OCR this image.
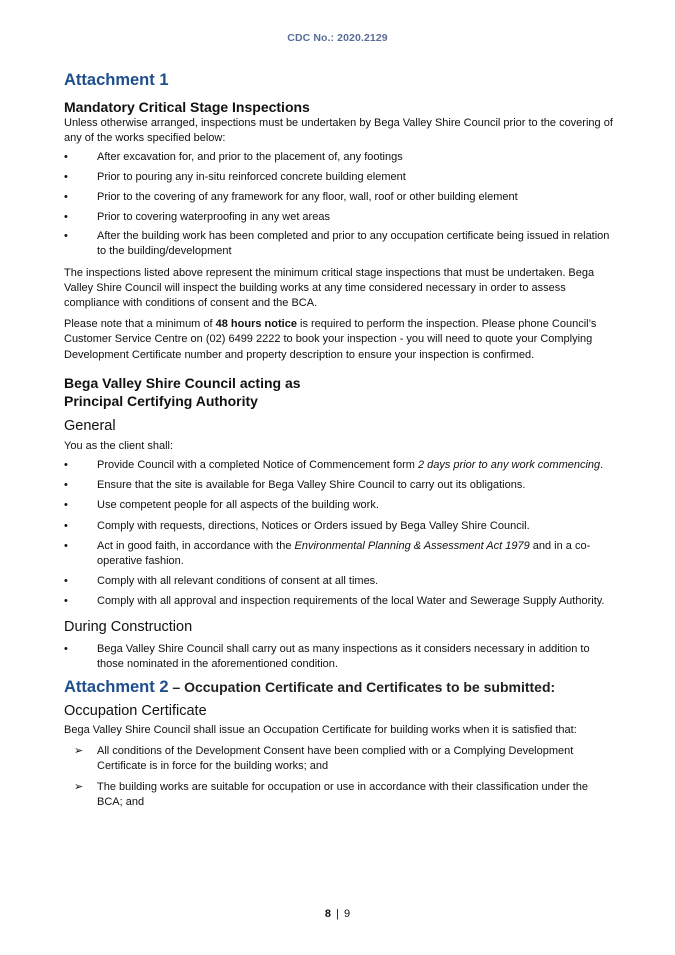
CDC No.: 2020.2129
Attachment 1
Mandatory Critical Stage Inspections

Unless otherwise arranged, inspections must be undertaken by Bega Valley Shire Council prior to the covering of any of the works specified below:

•	After excavation for, and prior to the placement of, any footings
•	Prior to pouring any in-situ reinforced concrete building element
•	Prior to the covering of any framework for any floor, wall, roof or other building element
•	Prior to covering waterproofing in any wet areas
•	After the building work has been completed and prior to any occupation certificate being issued in relation to the building/development

The inspections listed above represent the minimum critical stage inspections that must be undertaken. Bega Valley Shire Council will inspect the building works at any time considered necessary in order to assess compliance with conditions of consent and the BCA.

Please note that a minimum of 48 hours notice is required to perform the inspection. Please phone Council’s Customer Service Centre on (02) 6499 2222 to book your inspection - you will need to quote your Complying Development Certificate number and property description to ensure your inspection is confirmed.

Bega Valley Shire Council acting as
Principal Certifying Authority
General

You as the client shall:

•	Provide Council with a completed Notice of Commencement form 2 days prior to any work commencing.
•	Ensure that the site is available for Bega Valley Shire Council to carry out its obligations.
•	Use competent people for all aspects of the building work.
•	Comply with requests, directions, Notices or Orders issued by Bega Valley Shire Council.
•	Act in good faith, in accordance with the Environmental Planning & Assessment Act 1979 and in a co-operative fashion.
•	Comply with all relevant conditions of consent at all times.
•	Comply with all approval and inspection requirements of the local Water and Sewerage Supply Authority.
During Construction
•	Bega Valley Shire Council shall carry out as many inspections as it considers necessary in addition to those nominated in the aforementioned condition.
Attachment 2 – Occupation Certificate and Certificates to be submitted:
Occupation Certificate

Bega Valley Shire Council shall issue an Occupation Certificate for building works when it is satisfied that:

➢ All conditions of the Development Consent have been complied with or a Complying Development Certificate is in force for the building works; and
➢ The building works are suitable for occupation or use in accordance with their classification under the BCA; and
8 | 9
